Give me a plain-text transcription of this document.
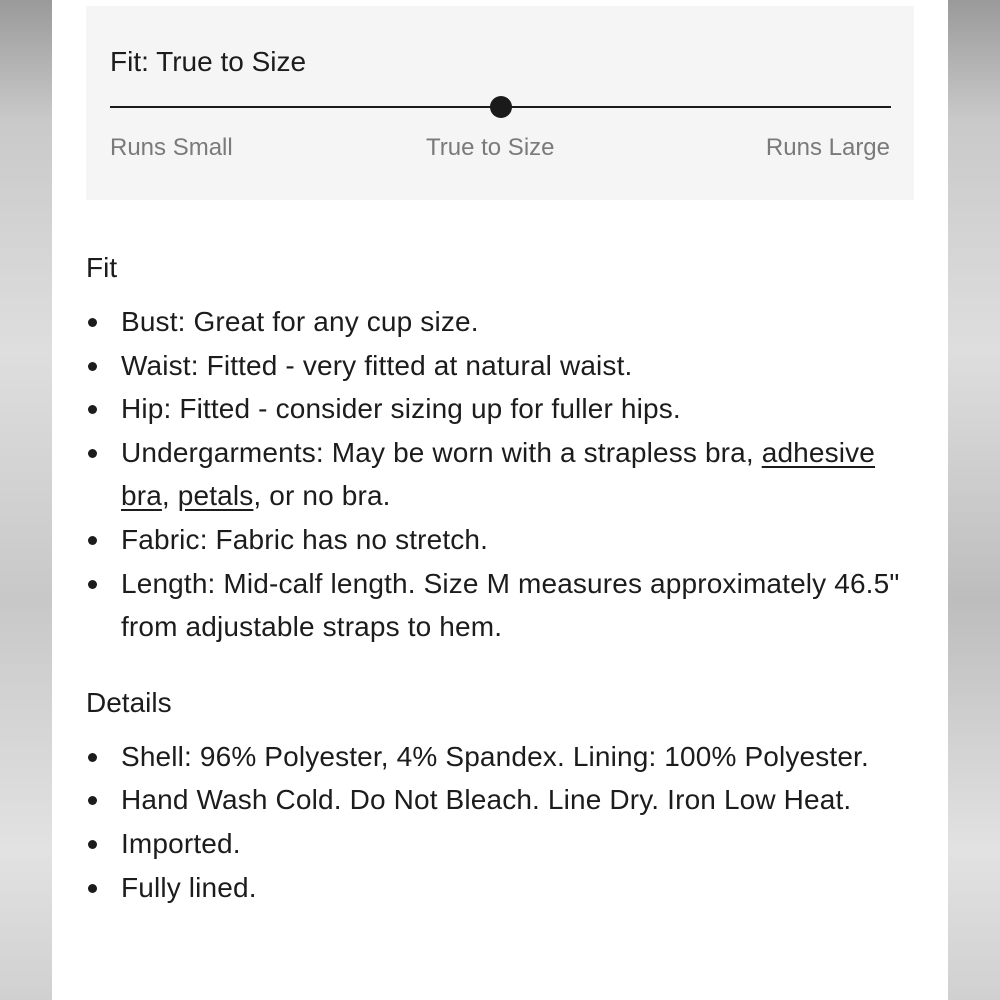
Fit: True to Size
Runs Small	True to Size	Runs Large
Fit
Bust: Great for any cup size.
Waist: Fitted - very fitted at natural waist.
Hip: Fitted - consider sizing up for fuller hips.
Undergarments: May be worn with a strapless bra, adhesive bra, petals, or no bra.
Fabric: Fabric has no stretch.
Length: Mid-calf length. Size M measures approximately 46.5" from adjustable straps to hem.
Details
Shell: 96% Polyester, 4% Spandex. Lining: 100% Polyester.
Hand Wash Cold. Do Not Bleach. Line Dry. Iron Low Heat.
Imported.
Fully lined.
